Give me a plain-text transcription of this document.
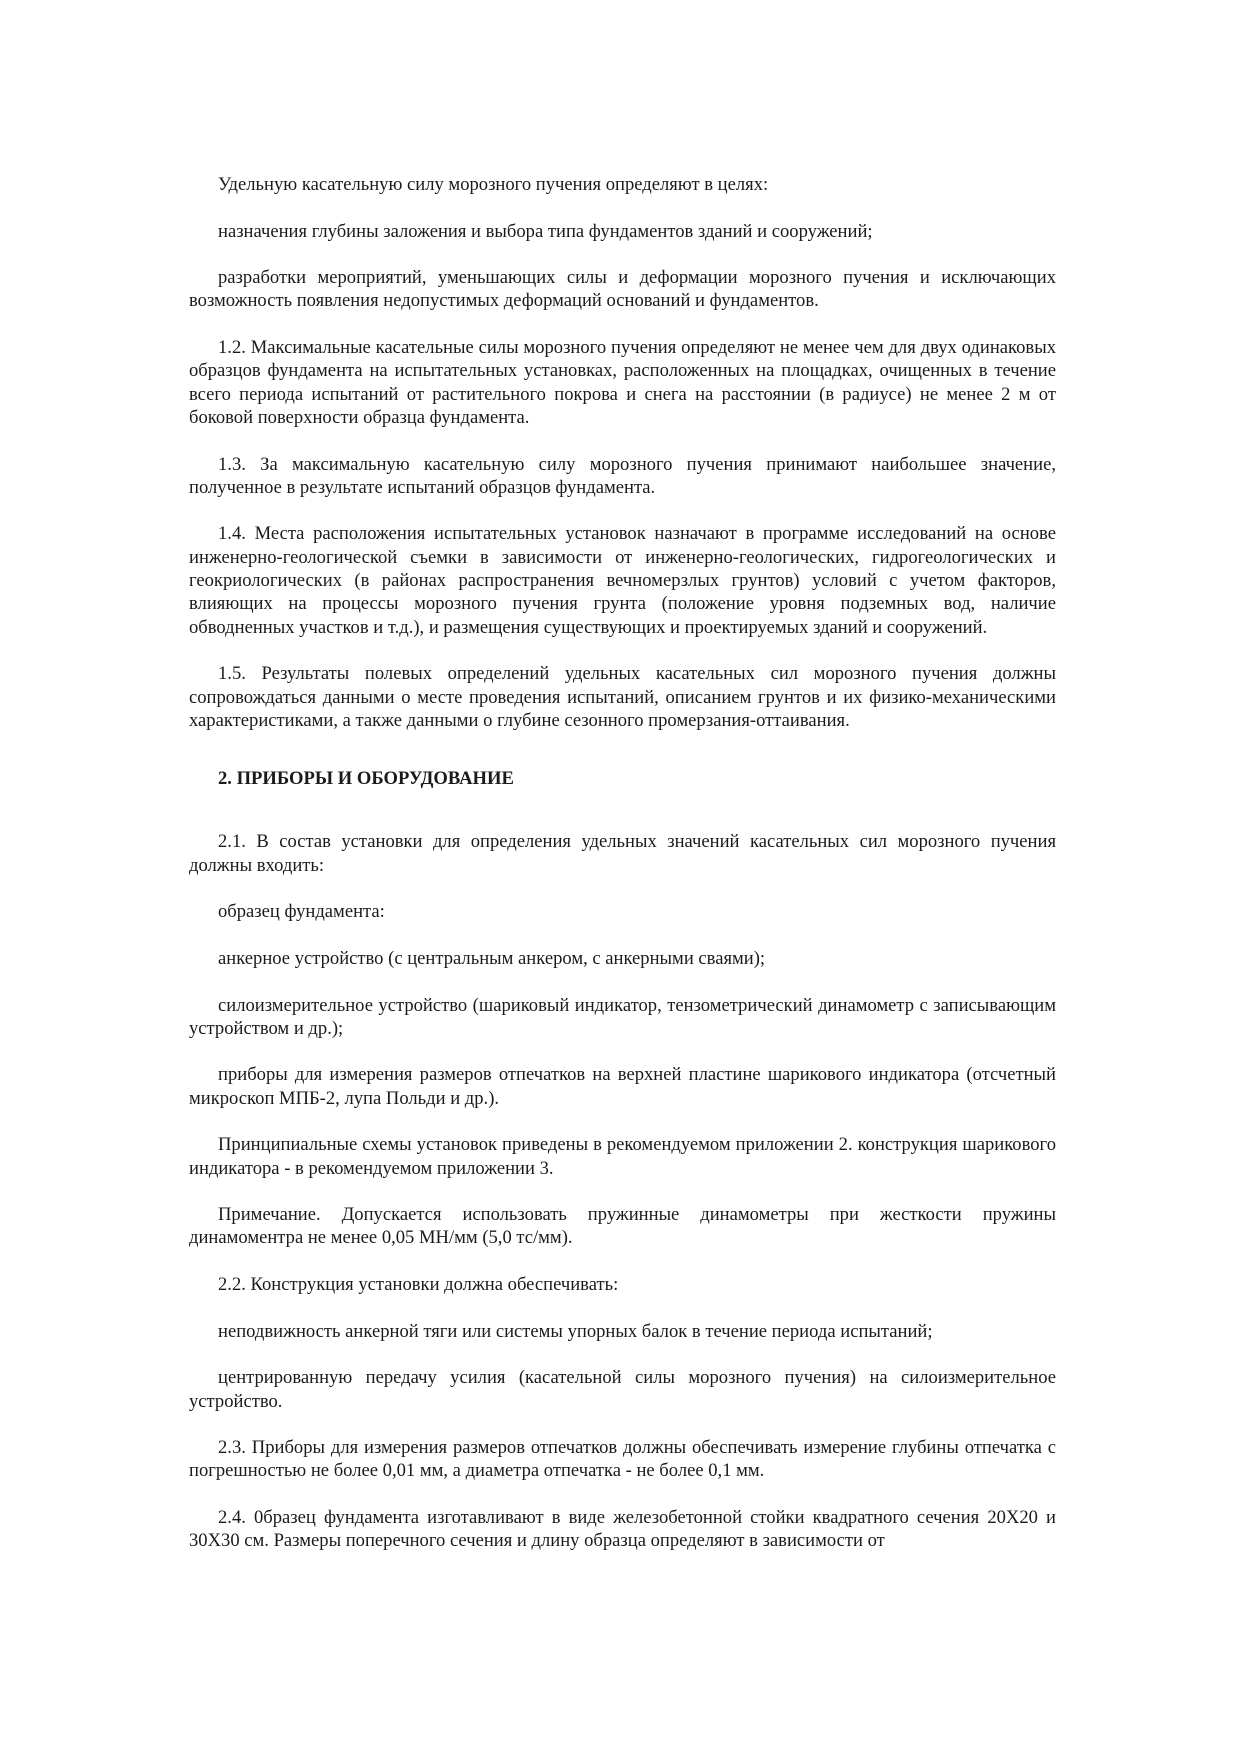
Удельную касательную силу морозного пучения определяют в целях:

назначения глубины заложения и выбора типа фундаментов зданий и сооружений;

разработки мероприятий, уменьшающих силы и деформации морозного пучения и исключающих возможность появления недопустимых деформаций оснований и фундаментов.

1.2. Максимальные касательные силы морозного пучения определяют не менее чем для двух одинаковых образцов фундамента на испытательных установках, расположенных на площадках, очищенных в течение всего периода испытаний от растительного покрова и снега на расстоянии (в радиусе) не менее 2 м от боковой поверхности образца фундамента.

1.3. За максимальную касательную силу морозного пучения принимают наибольшее значение, полученное в результате испытаний образцов фундамента.

1.4. Места расположения испытательных установок назначают в программе исследований на основе инженерно-геологической съемки в зависимости от инженерно-геологических, гидрогеологических и геокриологических (в районах распространения вечномерзлых грунтов) условий с учетом факторов, влияющих на процессы морозного пучения грунта (положение уровня подземных вод, наличие обводненных участков и т.д.), и размещения существующих и проектируемых зданий и сооружений.

1.5. Результаты полевых определений удельных касательных сил морозного пучения должны сопровождаться данными о месте проведения испытаний, описанием грунтов и их физико-механическими характеристиками, а также данными о глубине сезонного промерзания-оттаивания.

2. ПРИБОРЫ И ОБОРУДОВАНИЕ

2.1. В состав установки для определения удельных значений касательных сил морозного пучения должны входить:

образец фундамента:

анкерное устройство (с центральным анкером, с анкерными сваями);

силоизмерительное устройство (шариковый индикатор, тензометрический динамометр с записывающим устройством и др.);

приборы для измерения размеров отпечатков на верхней пластине шарикового индикатора (отсчетный микроскоп МПБ-2, лупа Польди и др.).

Принципиальные схемы установок приведены в рекомендуемом приложении 2. конструкция шарикового индикатора - в рекомендуемом приложении 3.

Примечание. Допускается использовать пружинные динамометры при жесткости пружины динамоментра не менее 0,05 МН/мм (5,0 тс/мм).

2.2. Конструкция установки должна обеспечивать:

неподвижность анкерной тяги или системы упорных балок в течение периода испытаний;

центрированную передачу усилия (касательной силы морозного пучения) на силоизмерительное устройство.

2.3. Приборы для измерения размеров отпечатков должны обеспечивать измерение глубины отпечатка с погрешностью не более 0,01 мм, а диаметра отпечатка - не более 0,1 мм.

2.4. 0бразец фундамента изготавливают в виде железобетонной стойки квадратного сечения 20X20 и 30X30 см. Размеры поперечного сечения и длину образца определяют в зависимости от
